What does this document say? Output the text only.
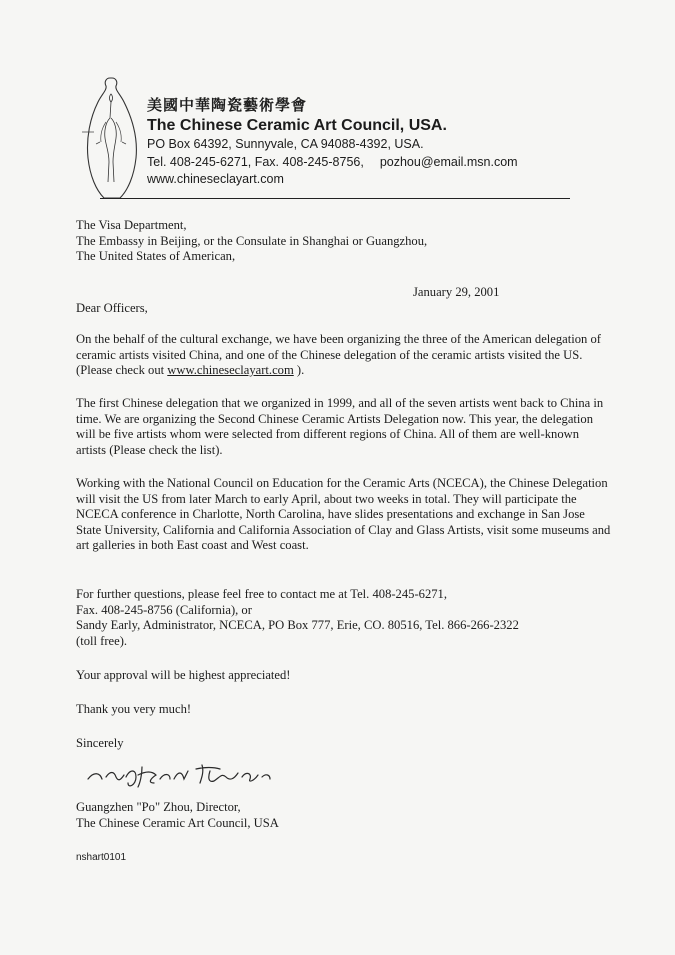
美國中華陶瓷藝術學會
The Chinese Ceramic Art Council, USA.
PO Box 64392, Sunnyvale, CA 94088-4392, USA.
Tel. 408-245-6271, Fax. 408-245-8756, pozhou@email.msn.com
www.chineseclayart.com

The Visa Department,

The Embassy in Beijing, or the Consulate in Shanghai or Guangzhou,

The United States of American,

January 29, 2001
Dear Officers,

On the behalf of the cultural exchange, we have been organizing the three of the American delegation of ceramic artists visited China, and one of the Chinese delegation of the ceramic artists visited the US. (Please check out www.chineseclayart.com ).

The first Chinese delegation that we organized in 1999, and all of the seven artists went back to China in time. We are organizing the Second Chinese Ceramic Artists Delegation now. This year, the delegation will be five artists whom were selected from different regions of China. All of them are well-known artists (Please check the list).

Working with the National Council on Education for the Ceramic Arts (NCECA), the Chinese Delegation will visit the US from later March to early April, about two weeks in total. They will participate the NCECA conference in Charlotte, North Carolina, have slides presentations and exchange in San Jose State University, California and California Association of Clay and Glass Artists, visit some museums and art galleries in both East coast and West coast.

For further questions, please feel free to contact me at Tel. 408-245-6271,
Fax. 408-245-8756 (California), or
Sandy Early, Administrator, NCECA, PO Box 777, Erie, CO. 80516, Tel. 866-266-2322
(toll free).

Your approval will be highest appreciated!

Thank you very much!

Sincerely

Guangzhen "Po" Zhou, Director,
The Chinese Ceramic Art Council, USA
nshart0101
